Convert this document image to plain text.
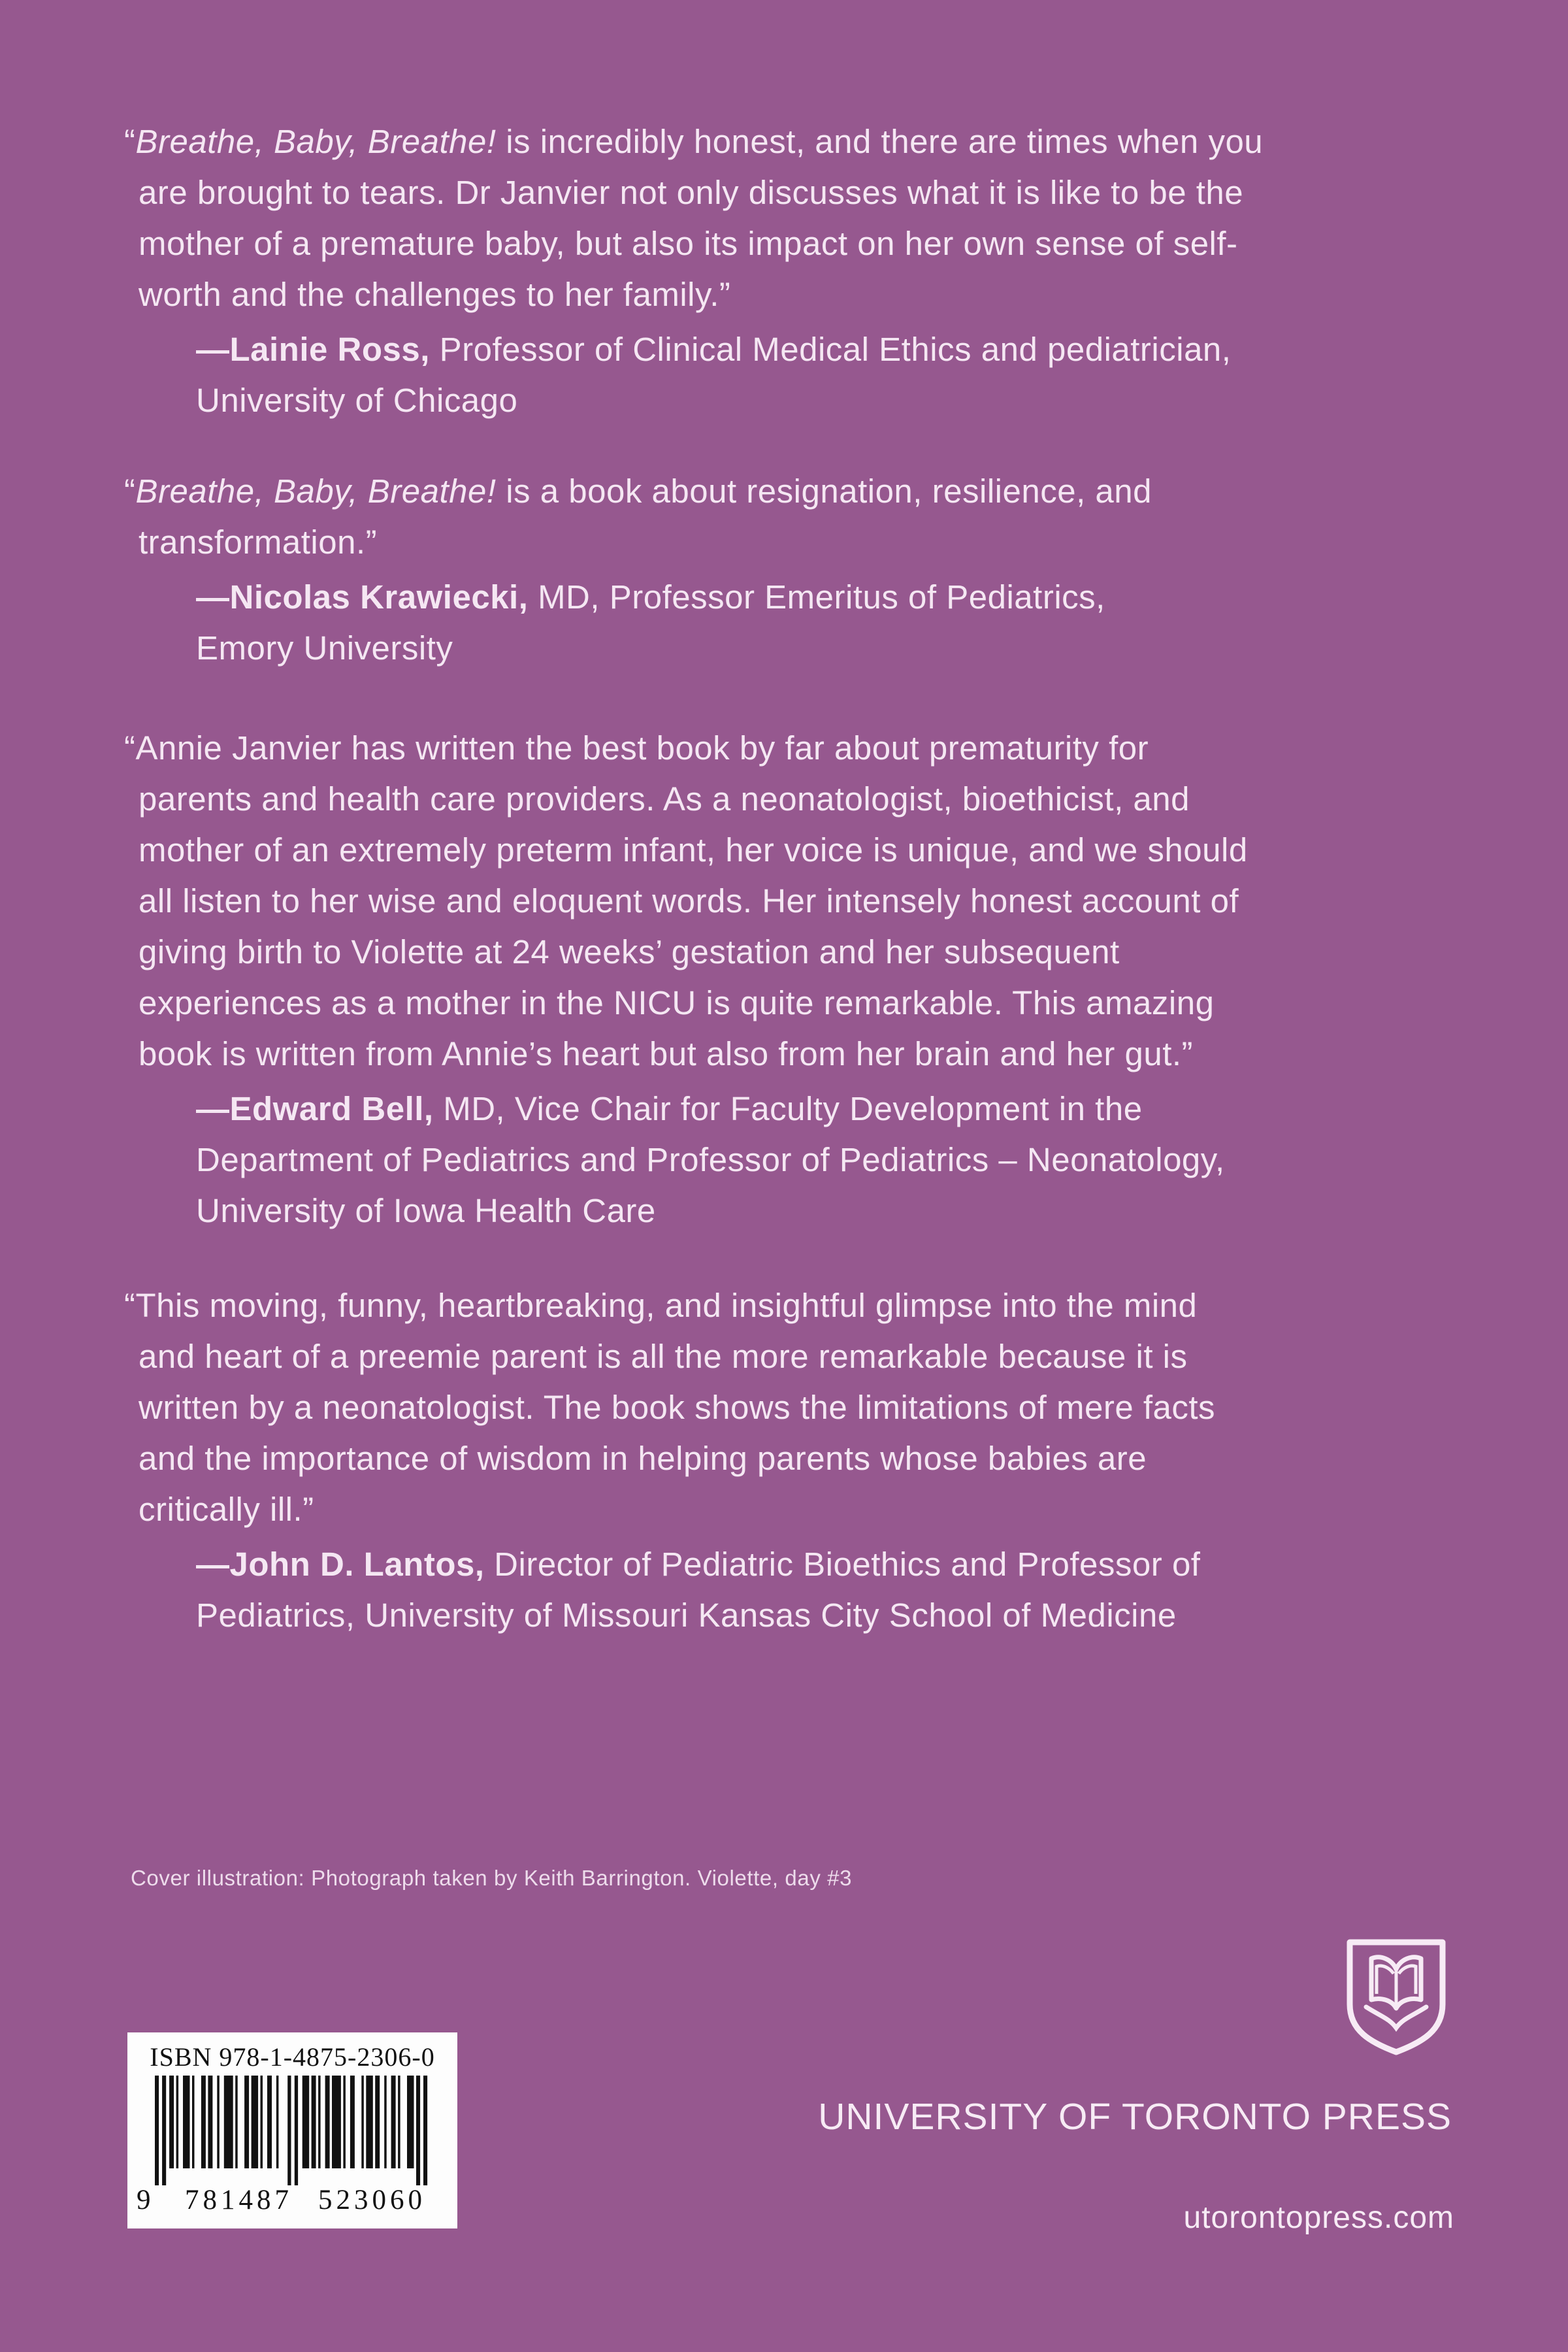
“Breathe, Baby, Breathe! is incredibly honest, and there are times when you
are brought to tears. Dr Janvier not only discusses what it is like to be the
mother of a premature baby, but also its impact on her own sense of self-
worth and the challenges to her family.”
—Lainie Ross, Professor of Clinical Medical Ethics and pediatrician,
University of Chicago
“Breathe, Baby, Breathe! is a book about resignation, resilience, and
transformation.”
—Nicolas Krawiecki, MD, Professor Emeritus of Pediatrics,
Emory University
“Annie Janvier has written the best book by far about prematurity for
parents and health care providers. As a neonatologist, bioethicist, and
mother of an extremely preterm infant, her voice is unique, and we should
all listen to her wise and eloquent words. Her intensely honest account of
giving birth to Violette at 24 weeks’ gestation and her subsequent
experiences as a mother in the NICU is quite remarkable. This amazing
book is written from Annie’s heart but also from her brain and her gut.”
—Edward Bell, MD, Vice Chair for Faculty Development in the
Department of Pediatrics and Professor of Pediatrics – Neonatology,
University of Iowa Health Care
“This moving, funny, heartbreaking, and insightful glimpse into the mind
and heart of a preemie parent is all the more remarkable because it is
written by a neonatologist. The book shows the limitations of mere facts
and the importance of wisdom in helping parents whose babies are
critically ill.”
—John D. Lantos, Director of Pediatric Bioethics and Professor of
Pediatrics, University of Missouri Kansas City School of Medicine
Cover illustration: Photograph taken by Keith Barrington. Violette, day #3
ISBN 978-1-4875-2306-0
9 781487 523060
UNIVERSITY OF TORONTO PRESS
utorontopress.com
